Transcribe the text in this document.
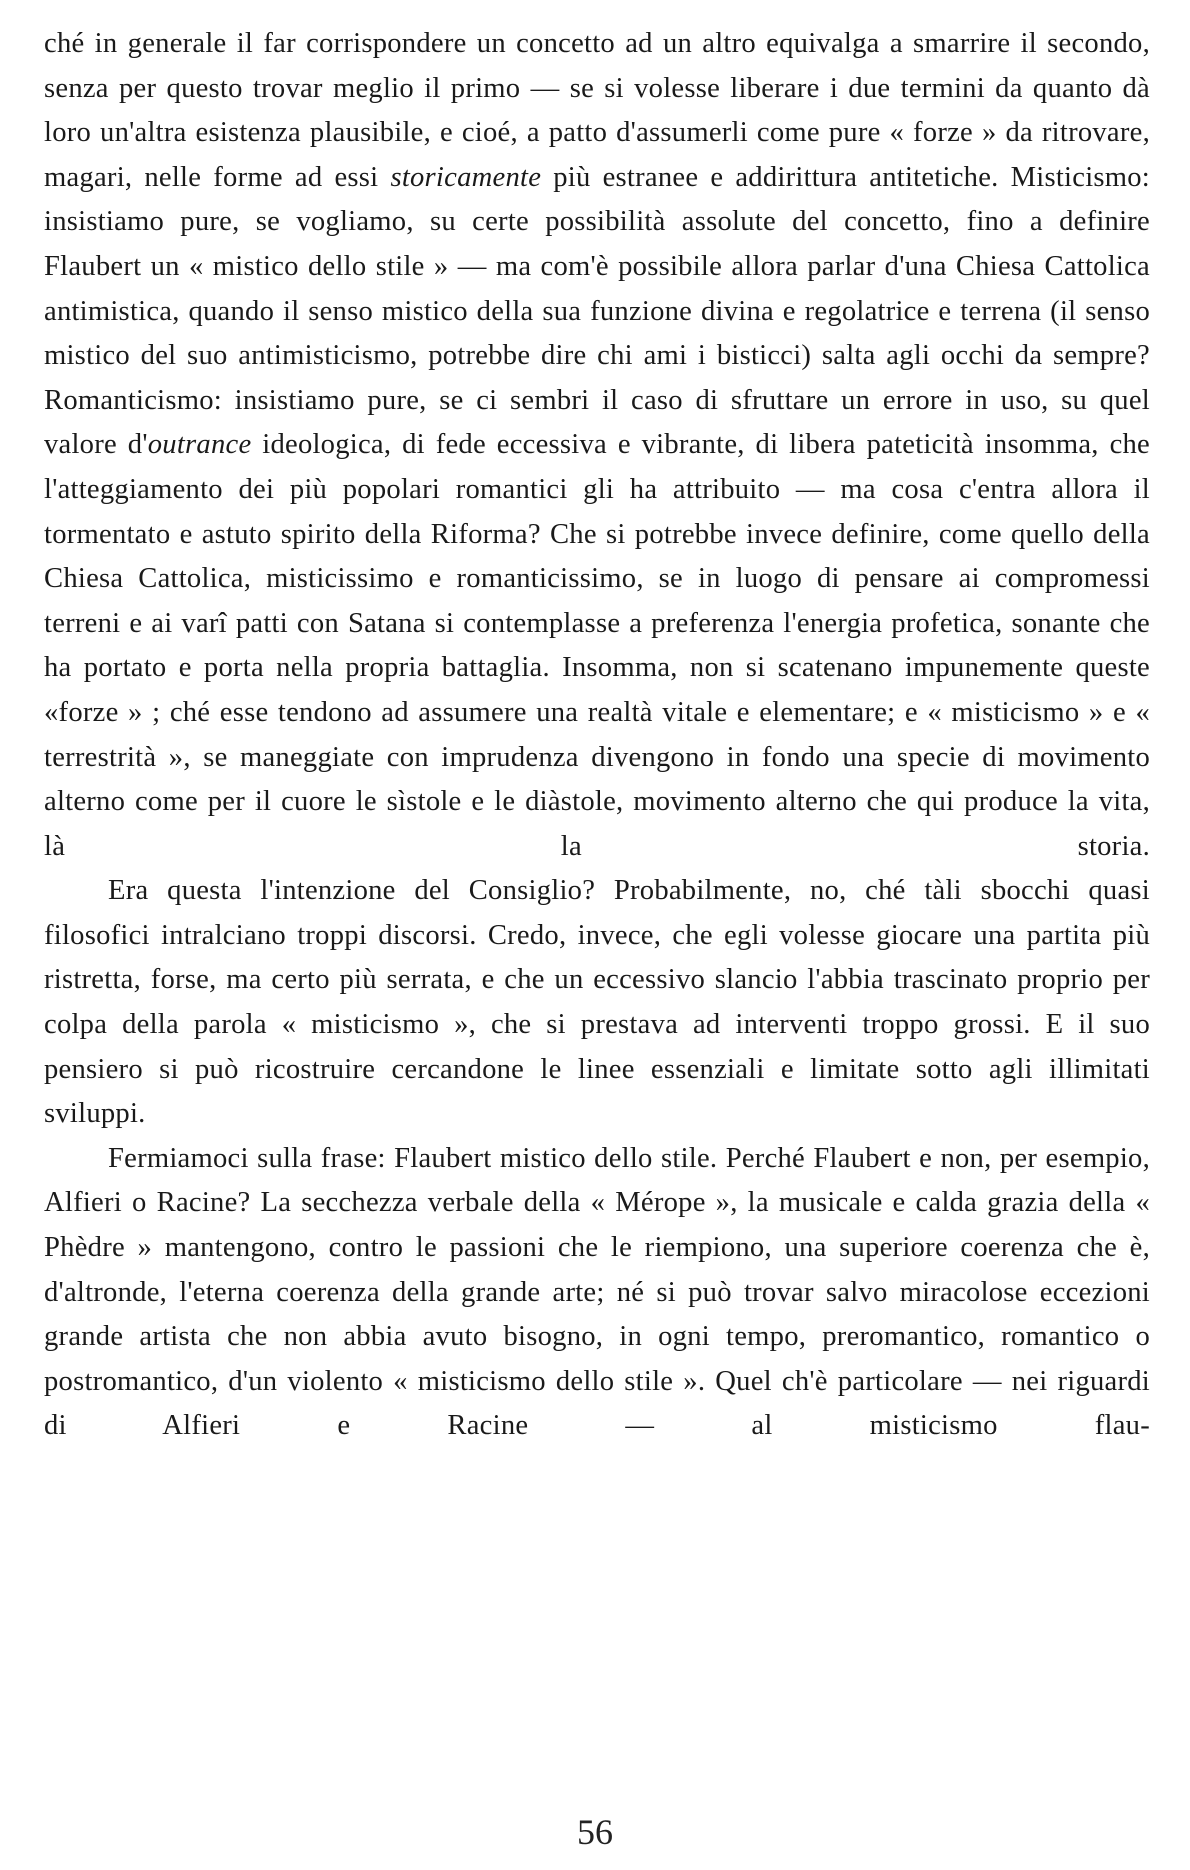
ché in generale il far corrispondere un concetto ad un altro equivalga a smarrire il secondo, senza per questo trovar meglio il primo — se si volesse liberare i due termini da quanto dà loro un'altra esistenza plausibile, e cioé, a patto d'assumerli come pure « forze » da ritrovare, magari, nelle forme ad essi storicamente più estranee e addirittura antitetiche. Misticismo: insistiamo pure, se vogliamo, su certe possibilità assolute del concetto, fino a definire Flaubert un « mistico dello stile » — ma com'è possibile allora parlar d'una Chiesa Cattolica antimistica, quando il senso mistico della sua funzione divina e regolatrice e terrena (il senso mistico del suo antimisticismo, potrebbe dire chi ami i bisticci) salta agli occhi da sempre? Romanticismo: insistiamo pure, se ci sembri il caso di sfruttare un errore in uso, su quel valore d'outrance ideologica, di fede eccessiva e vibrante, di libera pateticità insomma, che l'atteggiamento dei più popolari romantici gli ha attribuito — ma cosa c'entra allora il tormentato e astuto spirito della Riforma? Che si potrebbe invece definire, come quello della Chiesa Cattolica, misticissimo e romanticissimo, se in luogo di pensare ai compromessi terreni e ai varî patti con Satana si contemplasse a preferenza l'energia profetica, sonante che ha portato e porta nella propria battaglia. Insomma, non si scatenano impunemente queste «forze » ; ché esse tendono ad assumere una realtà vitale e elementare; e « misticismo » e « terrestrità », se maneggiate con imprudenza divengono in fondo una specie di movimento alterno come per il cuore le sìstole e le diàstole, movimento alterno che qui produce la vita, là la storia.

Era questa l'intenzione del Consiglio? Probabilmente, no, ché tàli sbocchi quasi filosofici intralciano troppi discorsi. Credo, invece, che egli volesse giocare una partita più ristretta, forse, ma certo più serrata, e che un eccessivo slancio l'abbia trascinato proprio per colpa della parola « misticismo », che si prestava ad interventi troppo grossi. E il suo pensiero si può ricostruire cercandone le linee essenziali e limitate sotto agli illimitati sviluppi.

Fermiamoci sulla frase: Flaubert mistico dello stile. Perché Flaubert e non, per esempio, Alfieri o Racine? La secchezza verbale della « Mérope », la musicale e calda grazia della « Phèdre » mantengono, contro le passioni che le riempiono, una superiore coerenza che è, d'altronde, l'eterna coerenza della grande arte; né si può trovar salvo miracolose eccezioni grande artista che non abbia avuto bisogno, in ogni tempo, preromantico, romantico o postromantico, d'un violento « misticismo dello stile ». Quel ch'è particolare — nei riguardi di Alfieri e Racine — al misticismo flau-

56
